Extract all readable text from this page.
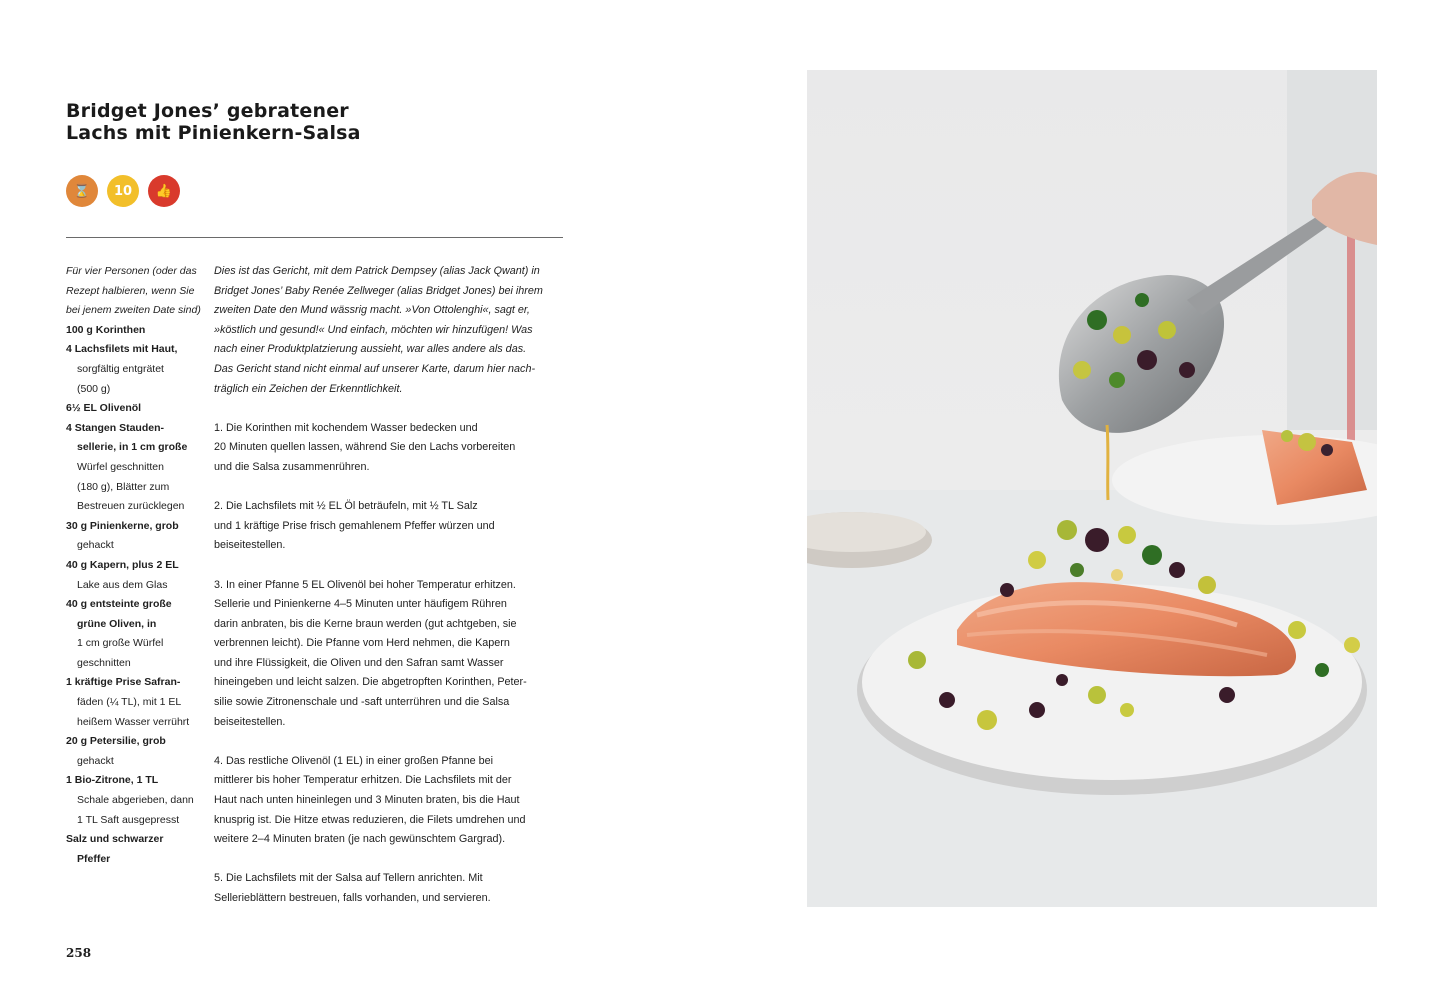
Bridget Jones’ gebratener
Lachs mit Pinienkern-Salsa
⌛	10	👍
Für vier Personen (oder das
Rezept halbieren, wenn Sie
bei jenem zweiten Date sind)
100 g Korinthen
4 Lachsfilets mit Haut,
sorgfältig entgrätet
(500 g)
6½ EL Olivenöl
4 Stangen Stauden-
sellerie, in 1 cm große
Würfel geschnitten
(180 g), Blätter zum
Bestreuen zurücklegen
30 g Pinienkerne, grob
gehackt
40 g Kapern, plus 2 EL
Lake aus dem Glas
40 g entsteinte große
grüne Oliven, in
1 cm große Würfel
geschnitten
1 kräftige Prise Safran-
fäden (¼ TL), mit 1 EL
heißem Wasser verrührt
20 g Petersilie, grob
gehackt
1 Bio-Zitrone, 1 TL
Schale abgerieben, dann
1 TL Saft ausgepresst
Salz und schwarzer
Pfeffer
Dies ist das Gericht, mit dem Patrick Dempsey (alias Jack Qwant) in
Bridget Jones’ Baby Renée Zellweger (alias Bridget Jones) bei ihrem
zweiten Date den Mund wässrig macht. »Von Ottolenghi«, sagt er,
»köstlich und gesund!« Und einfach, möchten wir hinzufügen! Was
nach einer Produktplatzierung aussieht, war alles andere als das.
Das Gericht stand nicht einmal auf unserer Karte, darum hier nach-
träglich ein Zeichen der Erkenntlichkeit.
1. Die Korinthen mit kochendem Wasser bedecken und
20 Minuten quellen lassen, während Sie den Lachs vorbereiten
und die Salsa zusammenrühren.
2. Die Lachsfilets mit ½ EL Öl beträufeln, mit ½ TL Salz
und 1 kräftige Prise frisch gemahlenem Pfeffer würzen und
beiseitestellen.
3. In einer Pfanne 5 EL Olivenöl bei hoher Temperatur erhitzen.
Sellerie und Pinienkerne 4–5 Minuten unter häufigem Rühren
darin anbraten, bis die Kerne braun werden (gut achtgeben, sie
verbrennen leicht). Die Pfanne vom Herd nehmen, die Kapern
und ihre Flüssigkeit, die Oliven und den Safran samt Wasser
hineingeben und leicht salzen. Die abgetropften Korinthen, Peter-
silie sowie Zitronenschale und -saft unterrühren und die Salsa
beiseitestellen.
4. Das restliche Olivenöl (1 EL) in einer großen Pfanne bei
mittlerer bis hoher Temperatur erhitzen. Die Lachsfilets mit der
Haut nach unten hineinlegen und 3 Minuten braten, bis die Haut
knusprig ist. Die Hitze etwas reduzieren, die Filets umdrehen und
weitere 2–4 Minuten braten (je nach gewünschtem Gargrad).
5. Die Lachsfilets mit der Salsa auf Tellern anrichten. Mit
Sellerieblättern bestreuen, falls vorhanden, und servieren.
258
